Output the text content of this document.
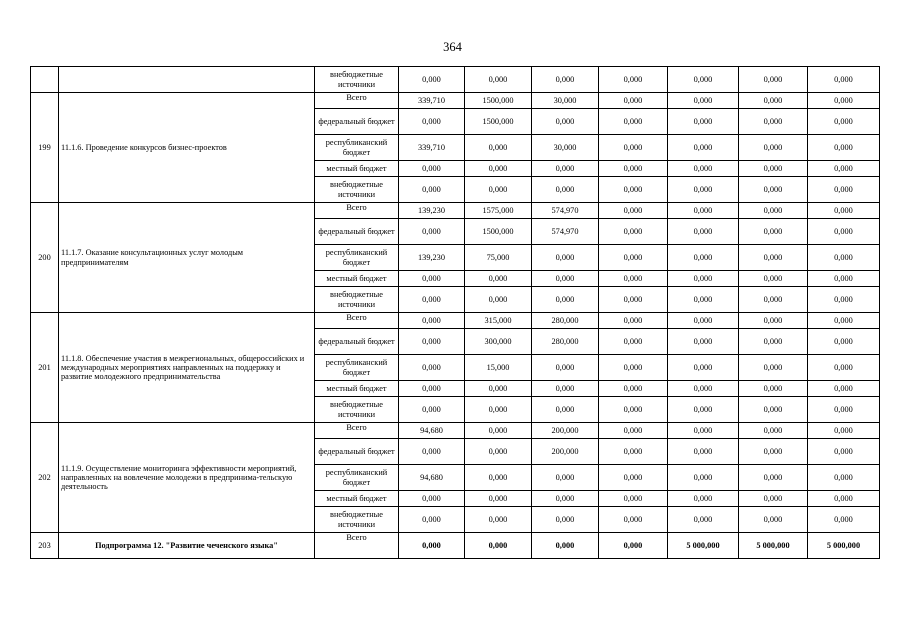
364
		внебюджетные источники	0,000	0,000	0,000	0,000	0,000	0,000	0,000
199	11.1.6. Проведение конкурсов бизнес-проектов	Всего	339,710	1500,000	30,000	0,000	0,000	0,000	0,000
		федеральный бюджет	0,000	1500,000	0,000	0,000	0,000	0,000	0,000
		республиканский бюджет	339,710	0,000	30,000	0,000	0,000	0,000	0,000
		местный бюджет	0,000	0,000	0,000	0,000	0,000	0,000	0,000
		внебюджетные источники	0,000	0,000	0,000	0,000	0,000	0,000	0,000
200	11.1.7. Оказание консультационных услуг молодым предпринимателям	Всего	139,230	1575,000	574,970	0,000	0,000	0,000	0,000
		федеральный бюджет	0,000	1500,000	574,970	0,000	0,000	0,000	0,000
		республиканский бюджет	139,230	75,000	0,000	0,000	0,000	0,000	0,000
		местный бюджет	0,000	0,000	0,000	0,000	0,000	0,000	0,000
		внебюджетные источники	0,000	0,000	0,000	0,000	0,000	0,000	0,000
201	11.1.8. Обеспечение участия в межрегиональных, общероссийских и международных мероприятиях направленных на поддержку и развитие молодежного предпринимательства	Всего	0,000	315,000	280,000	0,000	0,000	0,000	0,000
		федеральный бюджет	0,000	300,000	280,000	0,000	0,000	0,000	0,000
		республиканский бюджет	0,000	15,000	0,000	0,000	0,000	0,000	0,000
		местный бюджет	0,000	0,000	0,000	0,000	0,000	0,000	0,000
		внебюджетные источники	0,000	0,000	0,000	0,000	0,000	0,000	0,000
202	11.1.9. Осуществление мониторинга эффективности мероприятий, направленных на вовлечение молодежи в предпринима-тельскую деятельность	Всего	94,680	0,000	200,000	0,000	0,000	0,000	0,000
		федеральный бюджет	0,000	0,000	200,000	0,000	0,000	0,000	0,000
		республиканский бюджет	94,680	0,000	0,000	0,000	0,000	0,000	0,000
		местный бюджет	0,000	0,000	0,000	0,000	0,000	0,000	0,000
		внебюджетные источники	0,000	0,000	0,000	0,000	0,000	0,000	0,000
203	Подпрограмма 12. "Развитие чеченского языка"	Всего	0,000	0,000	0,000	0,000	5 000,000	5 000,000	5 000,000
